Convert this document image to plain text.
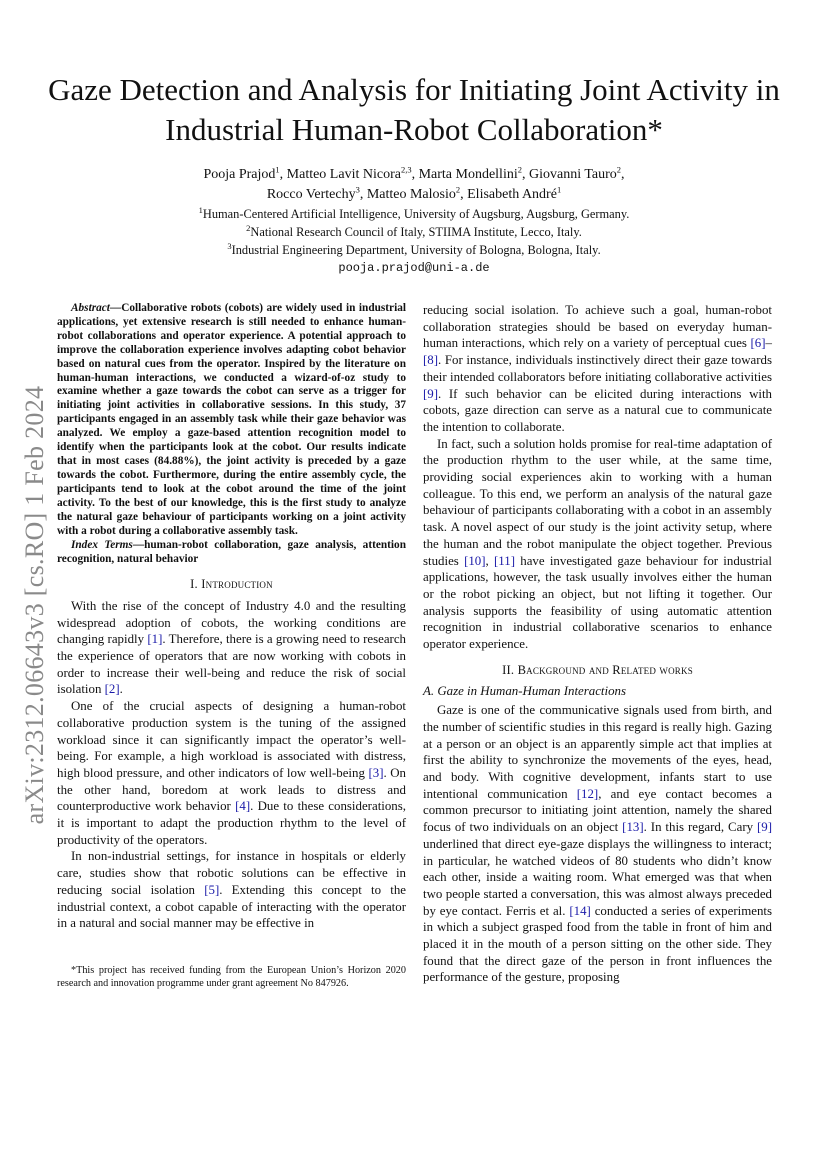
Gaze Detection and Analysis for Initiating Joint Activity in Industrial Human-Robot Collaboration*
Pooja Prajod$^1$, Matteo Lavit Nicora$^{2,3}$, Marta Mondellini$^2$, Giovanni Tauro$^2$,
Rocco Vertechy$^3$, Matteo Malosio$^2$, Elisabeth André$^1$
$^1$Human-Centered Artificial Intelligence, University of Augsburg, Augsburg, Germany.
$^2$National Research Council of Italy, STIIMA Institute, Lecco, Italy.
$^3$Industrial Engineering Department, University of Bologna, Bologna, Italy.
pooja.prajod@uni-a.de
arXiv:2312.06643v3 [cs.RO] 1 Feb 2024

Abstract—Collaborative robots (cobots) are widely used in industrial applications, yet extensive research is still needed to enhance human-robot collaborations and operator experience. A potential approach to improve the collaboration experience involves adapting cobot behavior based on natural cues from the operator. Inspired by the literature on human-human interactions, we conducted a wizard-of-oz study to examine whether a gaze towards the cobot can serve as a trigger for initiating joint activities in collaborative sessions. In this study, 37 participants engaged in an assembly task while their gaze behavior was analyzed. We employ a gaze-based attention recognition model to identify when the participants look at the cobot. Our results indicate that in most cases (84.88%), the joint activity is preceded by a gaze towards the cobot. Furthermore, during the entire assembly cycle, the participants tend to look at the cobot around the time of the joint activity. To the best of our knowledge, this is the first study to analyze the natural gaze behaviour of participants working on a joint activity with a robot during a collaborative assembly task.

Index Terms—human-robot collaboration, gaze analysis, attention recognition, natural behavior

I. Introduction

With the rise of the concept of Industry 4.0 and the resulting widespread adoption of cobots, the working conditions are changing rapidly [1]. Therefore, there is a growing need to research the experience of operators that are now working with cobots in order to increase their well-being and reduce the risk of social isolation [2].

One of the crucial aspects of designing a human-robot collaborative production system is the tuning of the assigned workload since it can significantly impact the operator’s well-being. For example, a high workload is associated with distress, high blood pressure, and other indicators of low well-being [3]. On the other hand, boredom at work leads to distress and counterproductive work behavior [4]. Due to these considerations, it is important to adapt the production rhythm to the level of productivity of the operators.

In non-industrial settings, for instance in hospitals or elderly care, studies show that robotic solutions can be effective in reducing social isolation [5]. Extending this concept to the industrial context, a cobot capable of interacting with the operator in a natural and social manner may be effective in

reducing social isolation. To achieve such a goal, human-robot collaboration strategies should be based on everyday human-human interactions, which rely on a variety of perceptual cues [6]–[8]. For instance, individuals instinctively direct their gaze towards their intended collaborators before initiating collaborative activities [9]. If such behavior can be elicited during interactions with cobots, gaze direction can serve as a natural cue to communicate the intention to collaborate.

In fact, such a solution holds promise for real-time adaptation of the production rhythm to the user while, at the same time, providing social experiences akin to working with a human colleague. To this end, we perform an analysis of the natural gaze behaviour of participants collaborating with a cobot in an assembly task. A novel aspect of our study is the joint activity setup, where the human and the robot manipulate the object together. Previous studies [10], [11] have investigated gaze behaviour for industrial applications, however, the task usually involves either the human or the robot picking an object, but not lifting it together. Our analysis supports the feasibility of using automatic attention recognition in industrial collaborative scenarios to enhance operator experience.

II. Background and Related works
A. Gaze in Human-Human Interactions

Gaze is one of the communicative signals used from birth, and the number of scientific studies in this regard is really high. Gazing at a person or an object is an apparently simple act that implies at first the ability to synchronize the movements of the eyes, head, and body. With cognitive development, infants start to use intentional communication [12], and eye contact becomes a common precursor to initiating joint attention, namely the shared focus of two individuals on an object [13]. In this regard, Cary [9] underlined that direct eye-gaze displays the willingness to interact; in particular, he watched videos of 80 students who didn’t know each other, inside a waiting room. What emerged was that when two people started a conversation, this was almost always preceded by eye contact. Ferris et al. [14] conducted a series of experiments in which a subject grasped food from the table in front of him and placed it in the mouth of a person sitting on the other side. They found that the direct gaze of the person in front influences the performance of the gesture, proposing

*This project has received funding from the European Union’s Horizon 2020 research and innovation programme under grant agreement No 847926.
